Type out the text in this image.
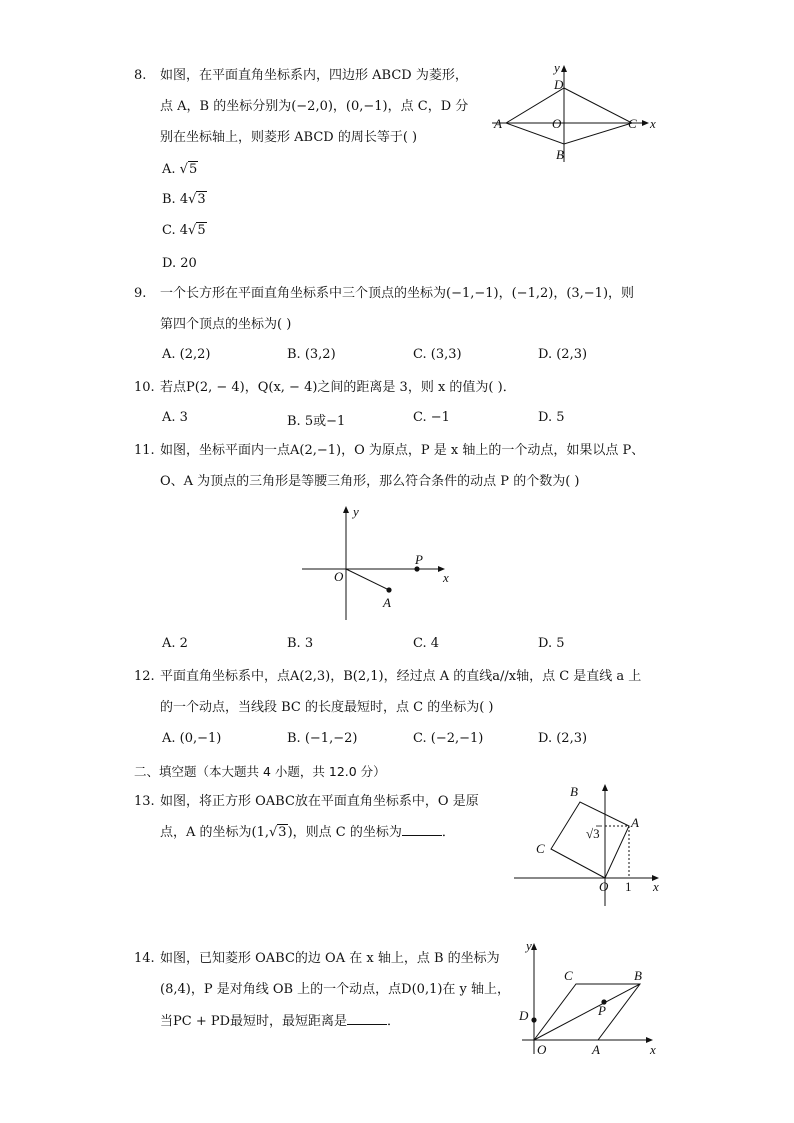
8. 如图，在平面直角坐标系内，四边形 ABCD 为菱形，
点 A，B 的坐标分别为(−2,0)，(0,−1)，点 C，D 分
别在坐标轴上，则菱形 ABCD 的周长等于( )
A. √5
B. 4√3
C. 4√5
D. 20
y
D
A	O	C x
B
9. 一个长方形在平面直角坐标系中三个顶点的坐标为(−1,−1)，(−1,2)，(3,−1)，则
第四个顶点的坐标为( )
A. (2,2)	B. (3,2)	C. (3,3)	D. (2,3)
10. 若点P(2, − 4)，Q(x, − 4)之间的距离是 3，则 x 的值为( )．
A. 3	B. 5或−1	C. −1	D. 5
11. 如图，坐标平面内一点A(2,−1)，O 为原点，P 是 x 轴上的一个动点，如果以点 P、
O、A 为顶点的三角形是等腰三角形，那么符合条件的动点 P 的个数为( )
y
P
O	x
A
A. 2	B. 3	C. 4	D. 5
12. 平面直角坐标系中，点A(2,3)，B(2,1)，经过点 A 的直线a//x轴，点 C 是直线 a 上
的一个动点，当线段 BC 的长度最短时，点 C 的坐标为( )
A. (0,−1)	B. (−1,−2)	C. (−2,−1)	D. (2,3)
二、填空题（本大题共 4 小题，共 12.0 分）
13. 如图，将正方形 OABC放在平面直角坐标系中，O 是原
点，A 的坐标为(1,√3)，则点 C 的坐标为	．
B
A
C
√3
O 1 x
14. 如图，已知菱形 OABC的边 OA 在 x 轴上，点 B 的坐标为
(8,4)，P 是对角线 OB 上的一个动点，点D(0,1)在 y 轴上，
当PC + PD最短时，最短距离是	．
y
C	B
P
D
O	A	x
